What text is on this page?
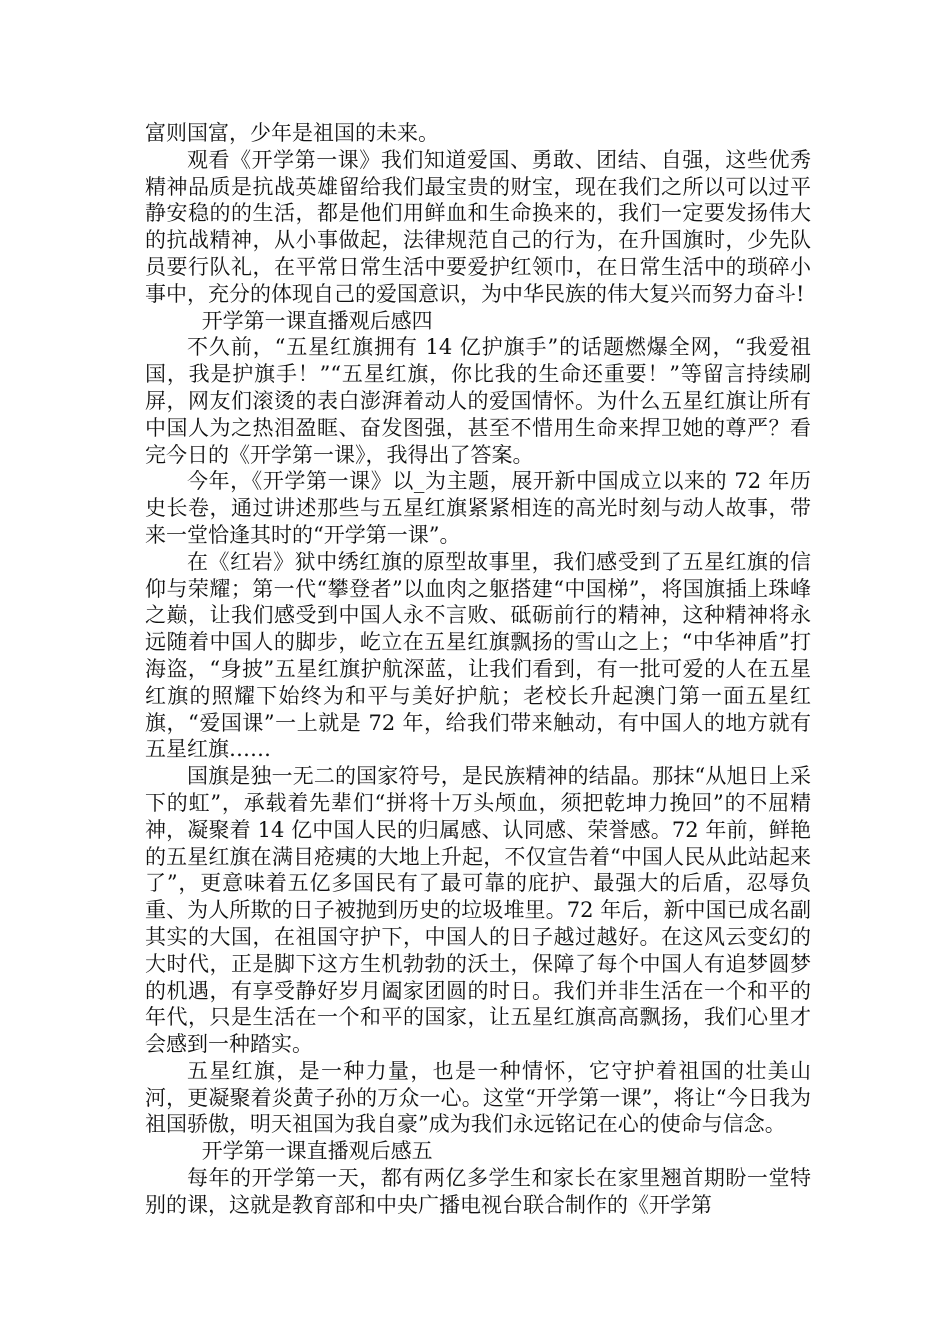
富则国富，少年是祖国的未来。

观看《开学第一课》我们知道爱国、勇敢、团结、自强，这些优秀精神品质是抗战英雄留给我们最宝贵的财宝，现在我们之所以可以过平静安稳的的生活，都是他们用鲜血和生命换来的，我们一定要发扬伟大的抗战精神，从小事做起，法律规范自己的行为，在升国旗时，少先队员要行队礼，在平常日常生活中要爱护红领巾，在日常生活中的琐碎小事中，充分的体现自己的爱国意识，为中华民族的伟大复兴而努力奋斗!

开学第一课直播观后感四

不久前，“五星红旗拥有 14 亿护旗手”的话题燃爆全网，“我爱祖国，我是护旗手！”“五星红旗，你比我的生命还重要！”等留言持续刷屏，网友们滚烫的表白澎湃着动人的爱国情怀。为什么五星红旗让所有中国人为之热泪盈眶、奋发图强，甚至不惜用生命来捍卫她的尊严？看完今日的《开学第一课》，我得出了答案。

今年，《开学第一课》以_为主题，展开新中国成立以来的 72 年历史长卷，通过讲述那些与五星红旗紧紧相连的高光时刻与动人故事，带来一堂恰逢其时的“开学第一课”。

在《红岩》狱中绣红旗的原型故事里，我们感受到了五星红旗的信仰与荣耀；第一代“攀登者”以血肉之躯搭建“中国梯”，将国旗插上珠峰之巅，让我们感受到中国人永不言败、砥砺前行的精神，这种精神将永远随着中国人的脚步，屹立在五星红旗飘扬的雪山之上；“中华神盾”打海盗，“身披”五星红旗护航深蓝，让我们看到，有一批可爱的人在五星红旗的照耀下始终为和平与美好护航；老校长升起澳门第一面五星红旗，“爱国课”一上就是 72 年，给我们带来触动，有中国人的地方就有五星红旗……

国旗是独一无二的国家符号，是民族精神的结晶。那抹“从旭日上采下的虹”，承载着先辈们“拼将十万头颅血，须把乾坤力挽回”的不屈精神，凝聚着 14 亿中国人民的归属感、认同感、荣誉感。72 年前，鲜艳的五星红旗在满目疮痍的大地上升起，不仅宣告着“中国人民从此站起来了”，更意味着五亿多国民有了最可靠的庇护、最强大的后盾，忍辱负重、为人所欺的日子被抛到历史的垃圾堆里。72 年后，新中国已成名副其实的大国，在祖国守护下，中国人的日子越过越好。在这风云变幻的大时代，正是脚下这方生机勃勃的沃土，保障了每个中国人有追梦圆梦的机遇，有享受静好岁月阖家团圆的时日。我们并非生活在一个和平的年代，只是生活在一个和平的国家，让五星红旗高高飘扬，我们心里才会感到一种踏实。

五星红旗，是一种力量，也是一种情怀，它守护着祖国的壮美山河，更凝聚着炎黄子孙的万众一心。这堂“开学第一课”，将让“今日我为祖国骄傲，明天祖国为我自豪”成为我们永远铭记在心的使命与信念。

开学第一课直播观后感五

每年的开学第一天，都有两亿多学生和家长在家里翘首期盼一堂特别的课，这就是教育部和中央广播电视台联合制作的《开学第
